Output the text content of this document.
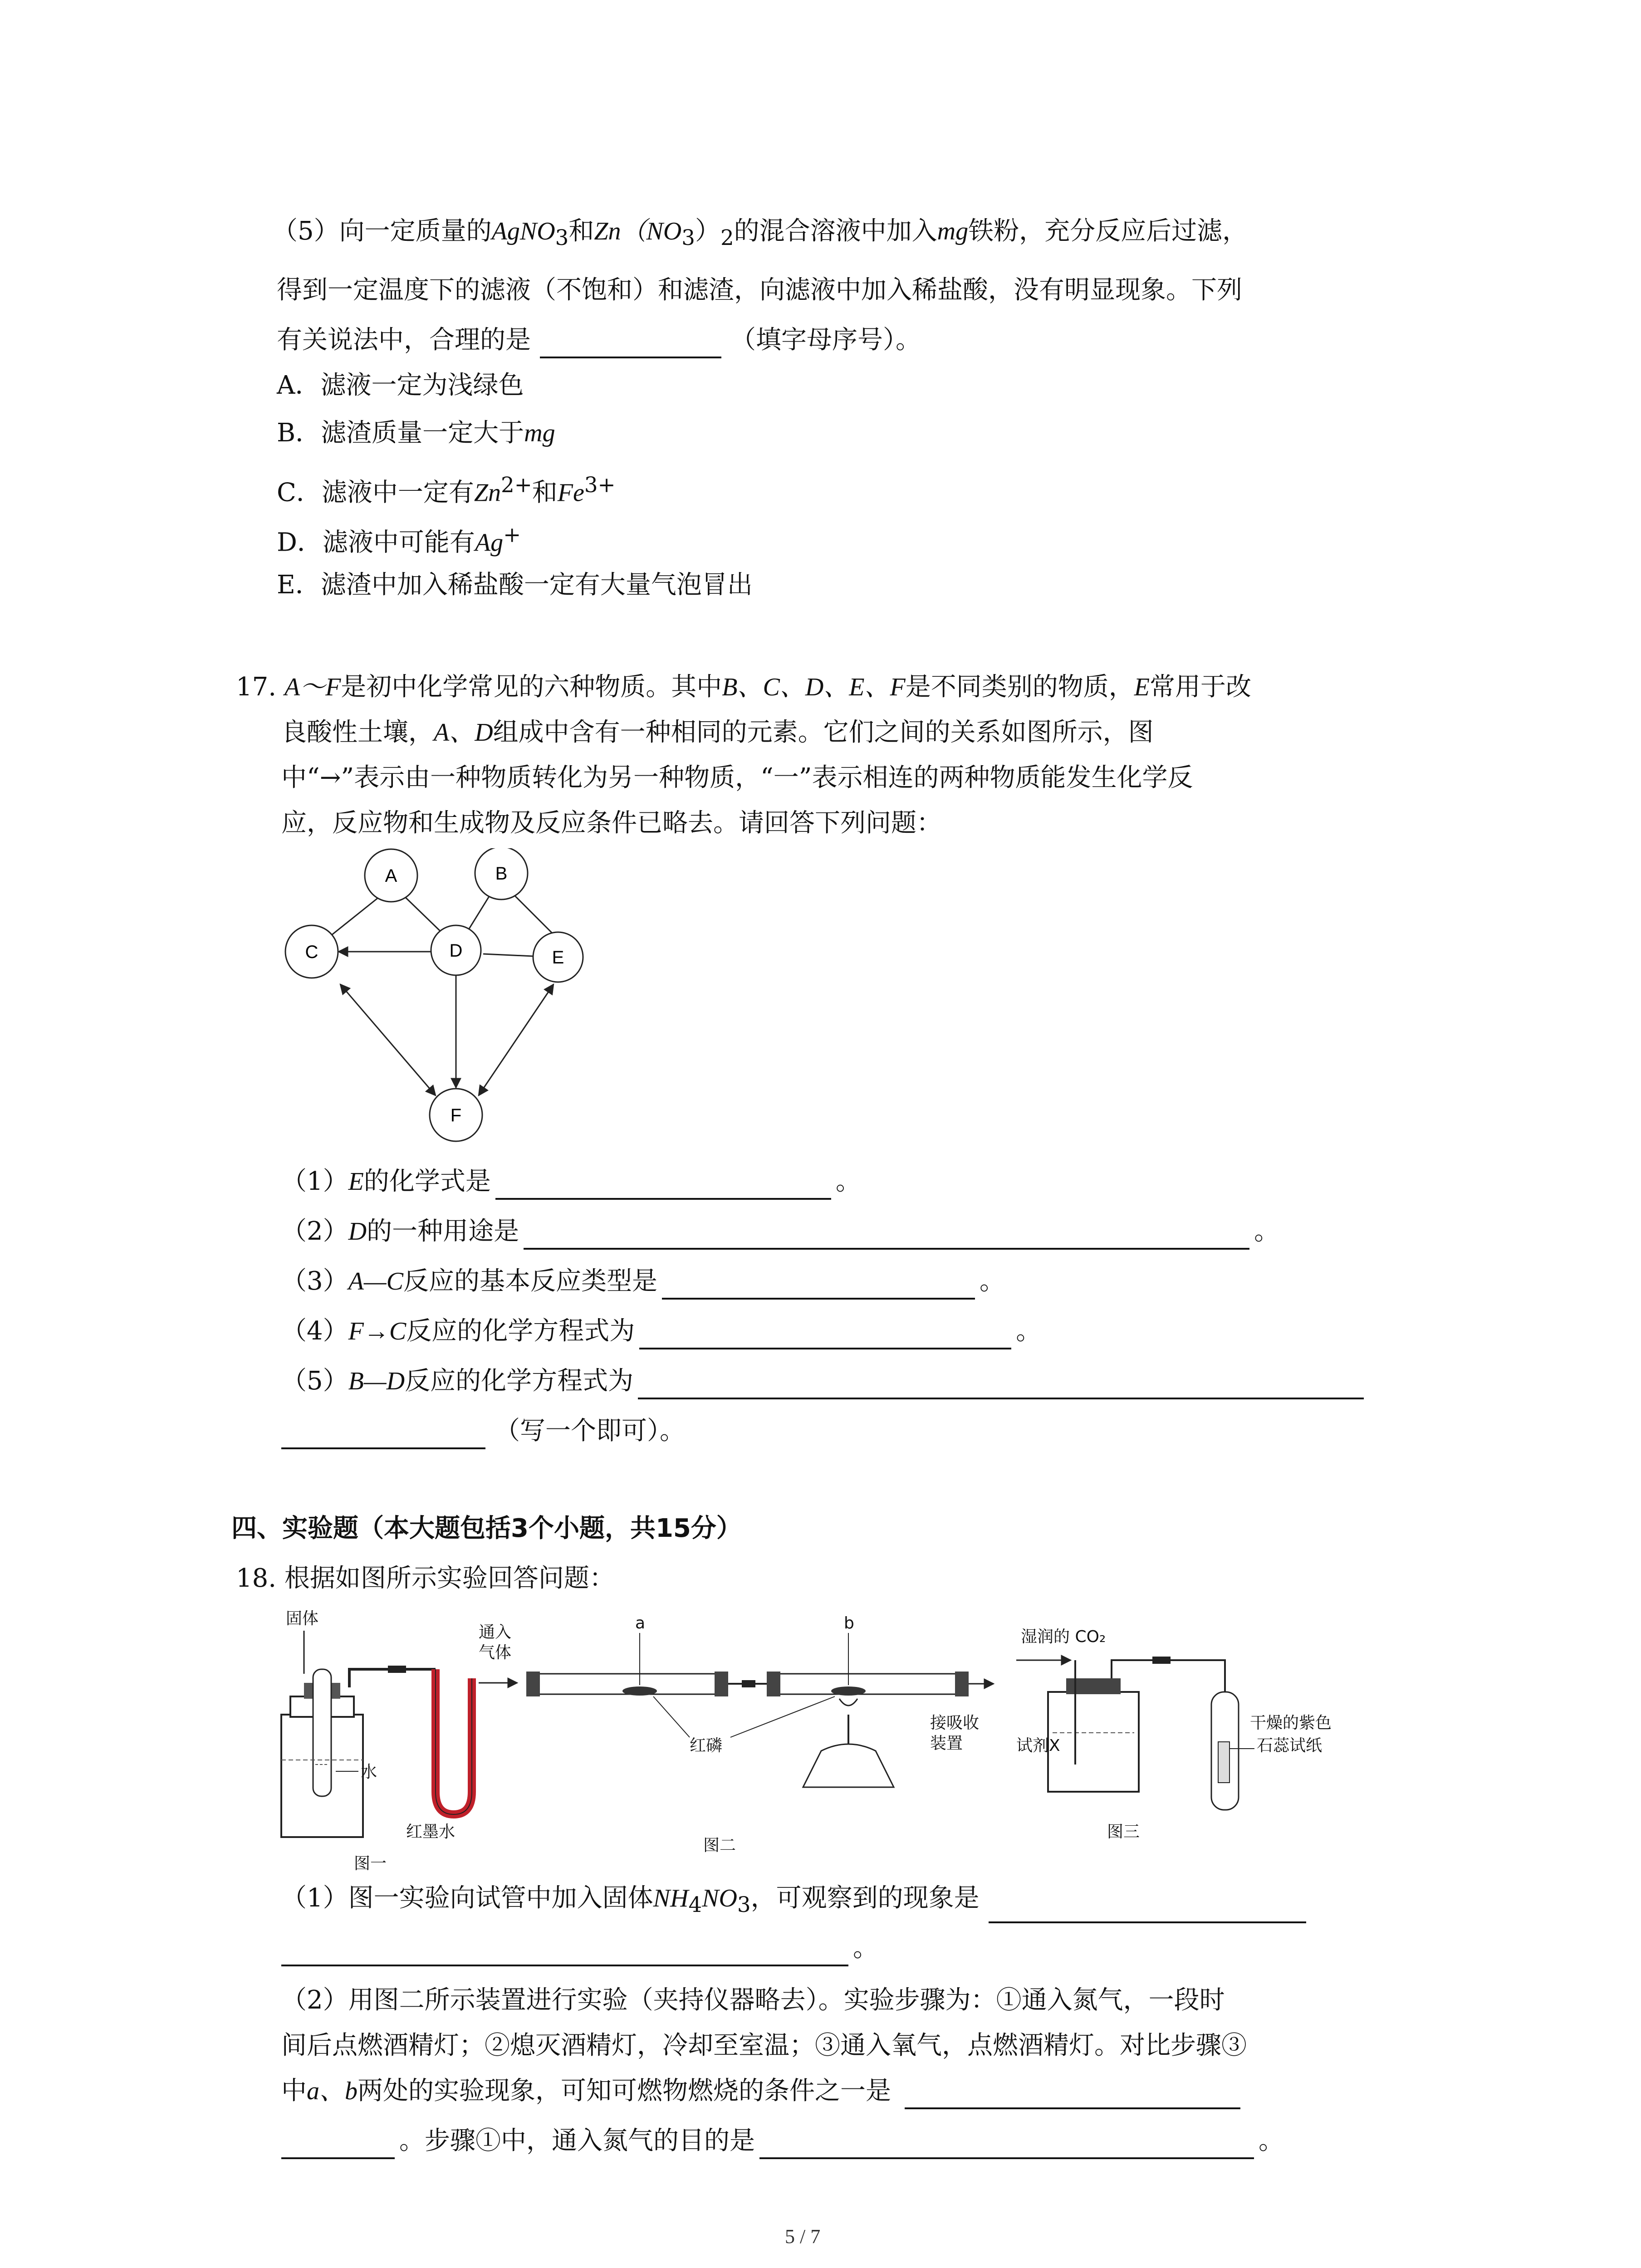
（5）向一定质量的AgNO$_3$和$Zn(NO_3)_2$的混合溶液中加入mg铁粉，充分反应后过滤，
得到一定温度下的滤液（不饱和）和滤渣，向滤液中加入稀盐酸，没有明显现象。下列
有关说法中，合理的是	（填字母序号）。
A．滤液一定为浅绿色
B．滤渣质量一定大于mg
C．滤液中一定有$Zn^{2+}$和$Fe^{3+}$
D．滤液中可能有Ag+
E．滤渣中加入稀盐酸一定有大量气泡冒出
17. A～F是初中化学常见的六种物质。其中B、C、D、E、F是不同类别的物质，E常用于改
良酸性土壤，A、D组成中含有一种相同的元素。它们之间的关系如图所示，图
中“→”表示由一种物质转化为另一种物质，“一”表示相连的两种物质能发生化学反
应，反应物和生成物及反应条件已略去。请回答下列问题：
A	B
C	D	E
F
（1）E的化学式是	。
（2）D的一种用途是	。
（3）A—C反应的基本反应类型是	。
（4）F→C反应的化学方程式为	。
（5）B—D反应的化学方程式为
（写一个即可）。
四、实验题（本大题包括3个小题，共15分）
18. 根据如图所示实验回答问题：
固体
水
红墨水
图一
通入
气体
a	b
接吸收
装置
红磷
图二
湿润的 CO₂
试剂X
干燥的紫色
石蕊试纸
图三
（1）图一实验向试管中加入固体$NH_4NO_3$，可观察到的现象是
。
（2）用图二所示装置进行实验（夹持仪器略去）。实验步骤为：①通入氮气，一段时
间后点燃酒精灯；②熄灭酒精灯，冷却至室温；③通入氧气，点燃酒精灯。对比步骤③
中a、b两处的实验现象，可知可燃物燃烧的条件之一是
。步骤①中，通入氮气的目的是	。
5 / 7
